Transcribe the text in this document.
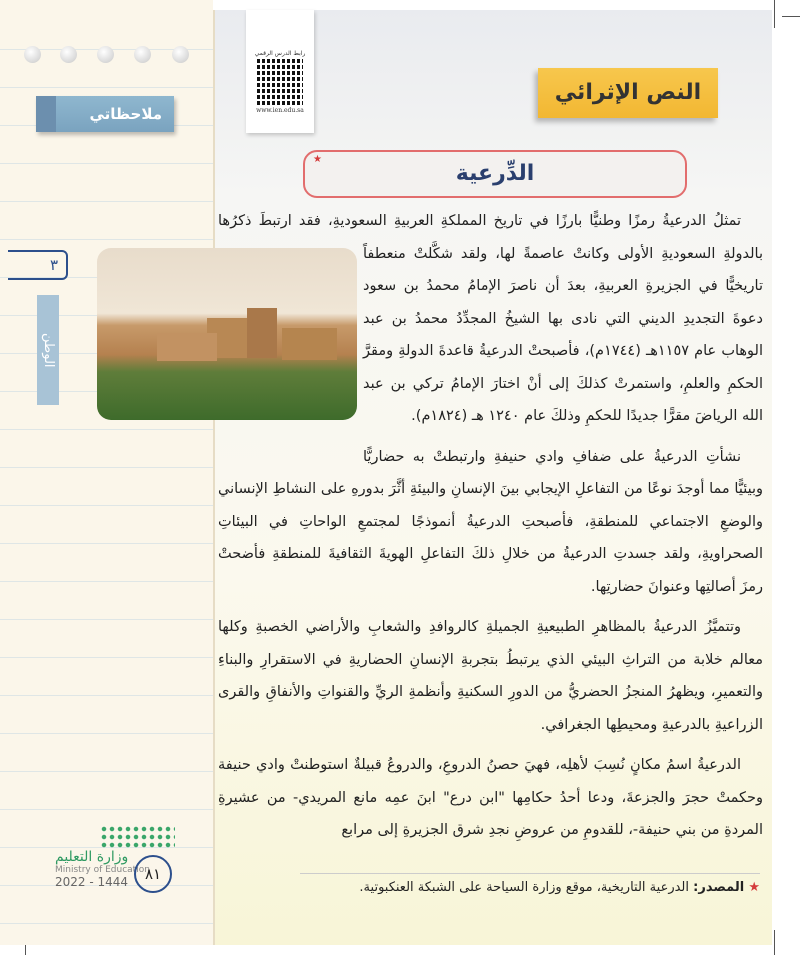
ملاحظاتي
٣
الوطن
رابط الدرس الرقمي
www.ien.edu.sa
النص الإثرائي
★
الدِّرعية

تمثلُ الدرعيةُ رمزًا وطنيًّا بارزًا في تاريخ المملكةِ العربيةِ السعوديةِ، فقد ارتبطَ ذكرُها بالدولةِ السعوديةِ الأولى وكانتْ عاصمةً لها، ولقد شكَّلتْ منعطفاً تاريخيًّا في الجزيرةِ العربيةِ، بعدَ أن ناصرَ الإمامُ محمدُ بن سعود دعوةَ التجديدِ الديني التي نادى بها الشيخُ المجدِّدُ محمدُ بن عبد الوهاب عام ١١٥٧هـ (١٧٤٤م)، فأصبحتْ الدرعيةُ قاعدةَ الدولةِ ومقرَّ الحكمِ والعلمِ، واستمرتْ كذلكَ إلى أنْ اختارَ الإمامُ تركي بن عبد الله الرياضَ مقرًّا جديدًا للحكمِ وذلكَ عام ١٢٤٠ هـ (١٨٢٤م).

نشأتِ الدرعيةُ على ضفافِ وادي حنيفةِ وارتبطتْ به حضاريًّا وبيئيًّا مما أوجدَ نوعًا من التفاعلِ الإيجابي بينَ الإنسانِ والبيئةِ أثَّرَ بدورهِ على النشاطِ الإنساني والوضعِ الاجتماعي للمنطقةِ، فأصبحتِ الدرعيةُ أنموذجًا لمجتمعِ الواحاتِ في البيئاتِ الصحراويةِ، ولقد جسدتِ الدرعيةُ من خلالِ ذلكَ التفاعلِ الهويةَ الثقافيةَ للمنطقةِ فأضحتْ رمزَ أصالتِها وعنوانَ حضارتِها.

وتتميَّزُ الدرعيةُ بالمظاهرِ الطبيعيةِ الجميلةِ كالروافدِ والشعابِ والأراضي الخصبةِ وكلها معالم خلابة من التراثِ البيئي الذي يرتبطُ بتجربةِ الإنسانِ الحضاريةِ في الاستقرارِ والبناءِ والتعميرِ، ويظهرُ المنجزُ الحضريُّ من الدورِ السكنيةِ وأنظمةِ الريِّ والقنواتِ والأنفاقِ والقرى الزراعيةِ بالدرعيةِ ومحيطِها الجغرافي.

الدرعيةُ اسمُ مكانٍ نُسِبَ لأهلِه، فهيَ حصنُ الدروعِ، والدروعُ قبيلةٌ استوطنتْ وادي حنيفة وحكمتْ حجرَ والجزعةَ، ودعا أحدُ حكامِها "ابن درع" ابنَ عمِه مانع المريدي- من عشيرةِ المردةِ من بني حنيفة-، للقدومِ من عروضِ نجدِ شرق الجزيرةِ إلى مرابع

★ المصدر: الدرعية التاريخية، موقع وزارة السياحة على الشبكة العنكبوتية.
وزارة التعليم
Ministry of Education
2022 - 1444	٨١
